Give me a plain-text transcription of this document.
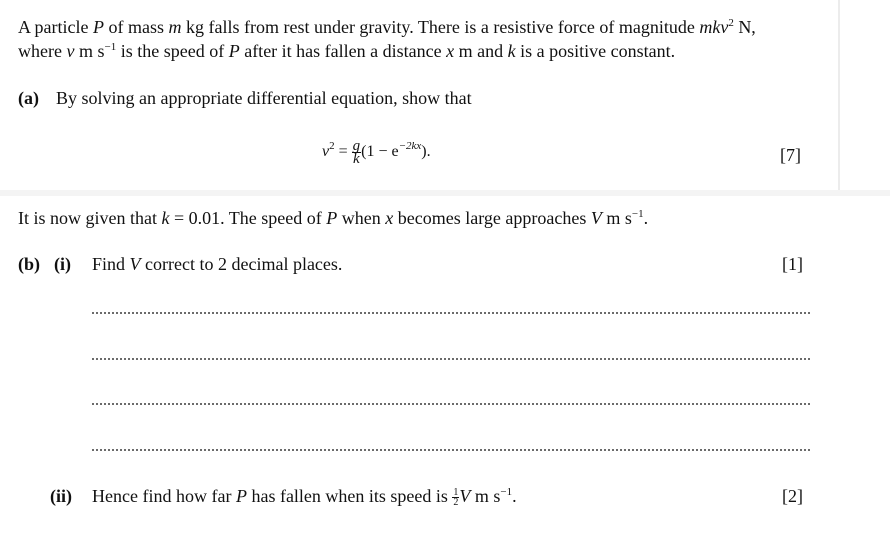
A particle P of mass m kg falls from rest under gravity. There is a resistive force of magnitude mkv$^2$ N,
where v m $s^{-1}$ is the speed of P after it has fallen a distance x m and k is a positive constant.
(a) By solving an appropriate differential equation, show that
$v^2 = \frac{g}{k} (1 - e^{-2kx})$.	[7]
It is now given that k = 0.01. The speed of P when x becomes large approaches V m $s^{-1}$.
(b) (i) Find V correct to 2 decimal places.	[1]
(ii) Hence find how far P has fallen when its speed is $\frac{1}{2}$ V m $s^{-1}$.	[2]
